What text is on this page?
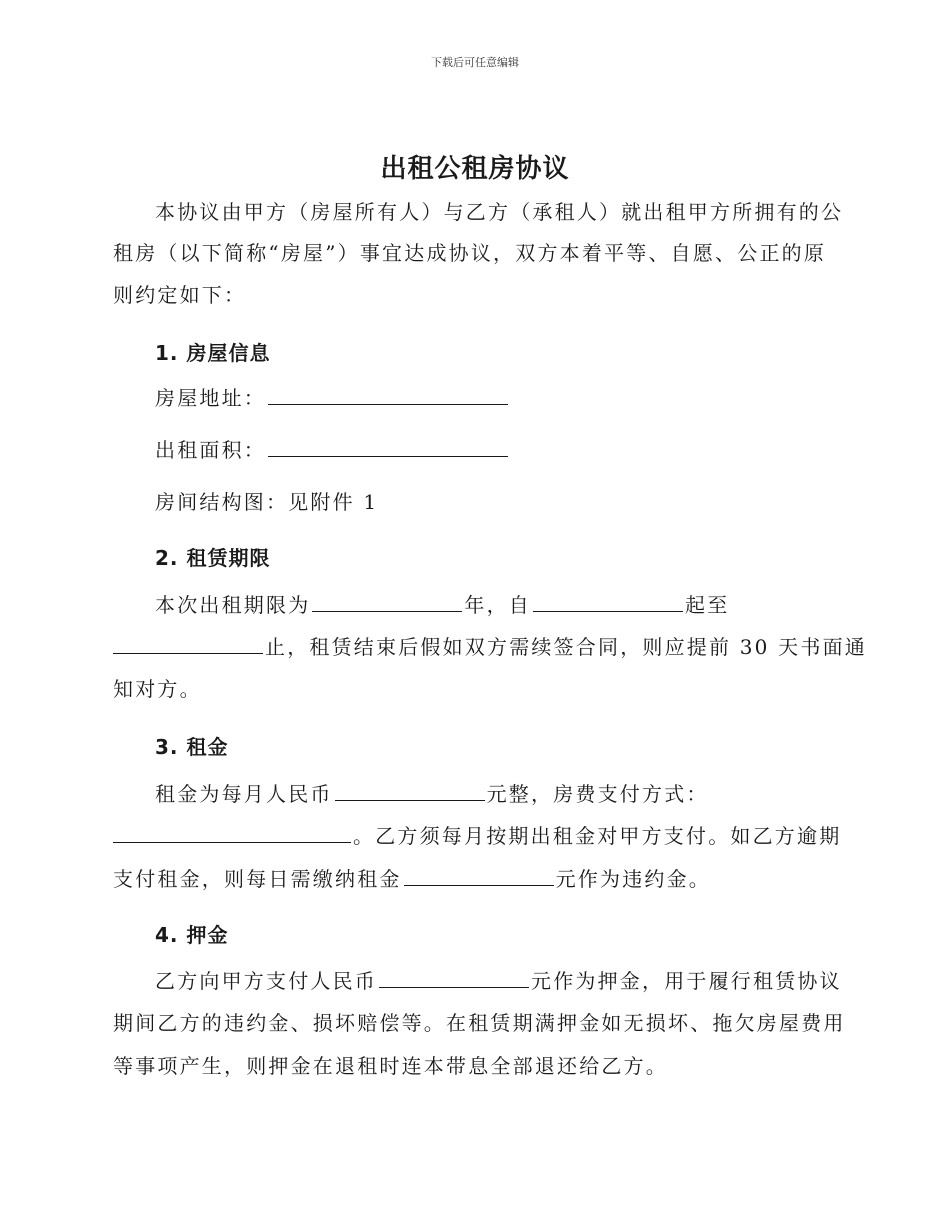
下载后可任意编辑
出租公租房协议
本协议由甲方（房屋所有人）与乙方（承租人）就出租甲方所拥有的公
租房（以下简称“房屋”）事宜达成协议，双方本着平等、自愿、公正的原
则约定如下：
1. 房屋信息
房屋地址：
出租面积：
房间结构图：见附件 1
2. 租赁期限
本次出租期限为	年，自	起至
止，租赁结束后假如双方需续签合同，则应提前 30 天书面通
知对方。
3. 租金
租金为每月人民币	元整，房费支付方式：
。乙方须每月按期出租金对甲方支付。如乙方逾期
支付租金，则每日需缴纳租金	元作为违约金。
4. 押金
乙方向甲方支付人民币	元作为押金，用于履行租赁协议
期间乙方的违约金、损坏赔偿等。在租赁期满押金如无损坏、拖欠房屋费用
等事项产生，则押金在退租时连本带息全部退还给乙方。
